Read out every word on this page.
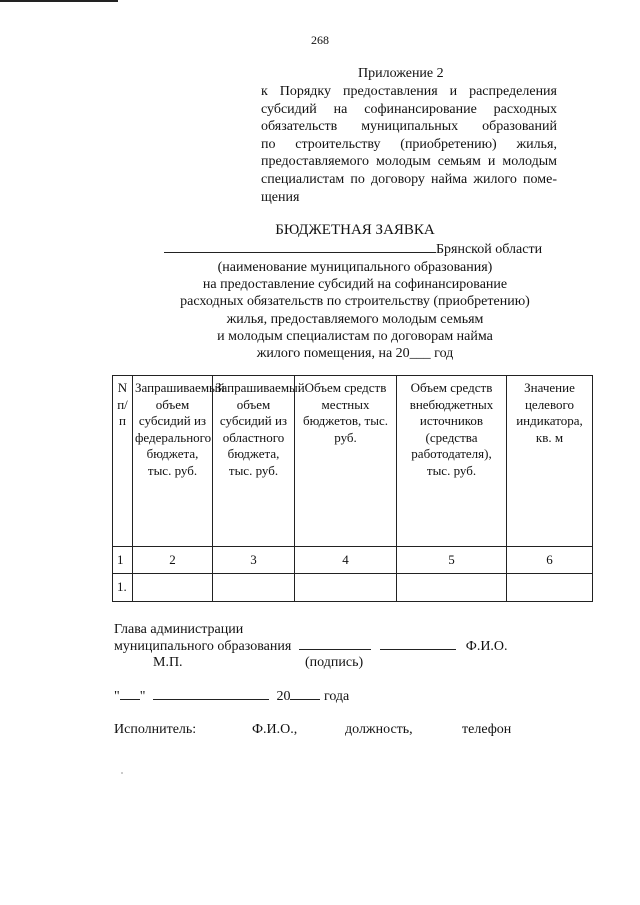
268
Приложение 2
к Порядку предоставления и распределения
субсидий на софинансирование расходных
обязательств муниципальных образований
по строительству (приобретению) жилья,
предоставляемого молодым семьям и молодым
специалистам по договору найма жилого поме-
щения
БЮДЖЕТНАЯ ЗАЯВКА
Брянской области
(наименование муниципального образования)
на предоставление субсидий на софинансирование
расходных обязательств по строительству (приобретению)
жилья, предоставляемого молодым семьям
и молодым специалистам по договорам найма
жилого помещения, на 20___ год
N п/п	Запрашиваемый объем субсидий из федерального бюджета, тыс. руб.	Запрашиваемый объем субсидий из областного бюджета, тыс. руб.	Объем средств местных бюджетов, тыс. руб.	Объем средств внебюджетных источников (средства работодателя), тыс. руб.	Значение целевого индикатора, кв. м
1	2	3	4	5	6
1.					
Глава администрации
муниципального образования	Ф.И.О.
М.П.	(подпись)
" "	20 года
Исполнитель:	Ф.И.О.,	должность,	телефон
